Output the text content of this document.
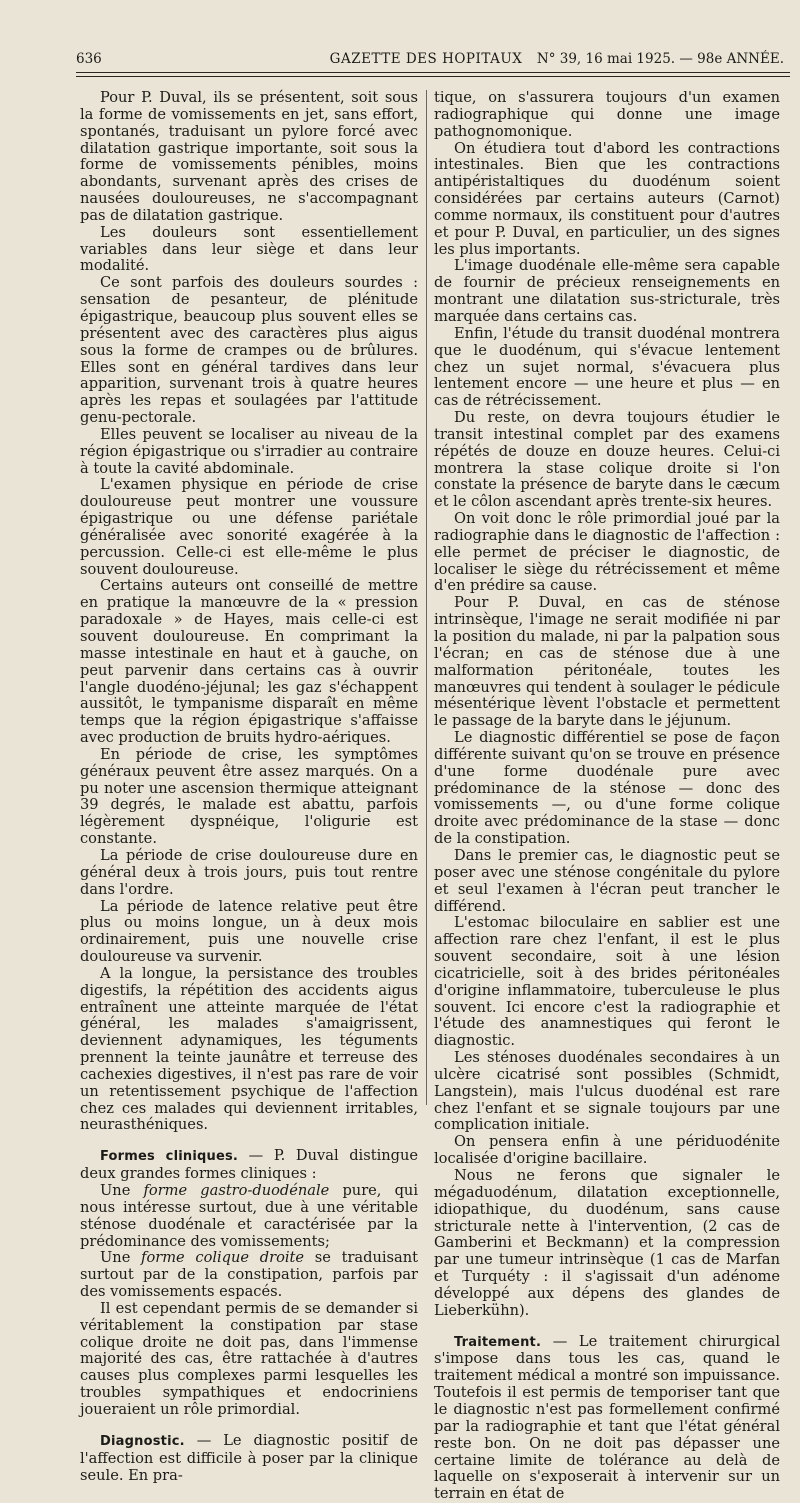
636	GAZETTE DES HOPITAUX	N° 39, 16 mai 1925. — 98e ANNÉE.

Pour P. Duval, ils se présentent, soit sous la forme de vomissements en jet, sans effort, spontanés, traduisant un pylore forcé avec dilatation gastrique importante, soit sous la forme de vomissements pénibles, moins abondants, survenant après des crises de nausées douloureuses, ne s'accompagnant pas de dilatation gastrique.

Les douleurs sont essentiellement variables dans leur siège et dans leur modalité.

Ce sont parfois des douleurs sourdes : sensation de pesanteur, de plénitude épigastrique, beaucoup plus souvent elles se présentent avec des caractères plus aigus sous la forme de crampes ou de brûlures. Elles sont en général tardives dans leur apparition, survenant trois à quatre heures après les repas et soulagées par l'attitude genu-pectorale.

Elles peuvent se localiser au niveau de la région épigastrique ou s'irradier au contraire à toute la cavité abdominale.

L'examen physique en période de crise douloureuse peut montrer une voussure épigastrique ou une défense pariétale généralisée avec sonorité exagérée à la percussion. Celle-ci est elle-même le plus souvent douloureuse.

Certains auteurs ont conseillé de mettre en pratique la manœuvre de la « pression paradoxale » de Hayes, mais celle-ci est souvent douloureuse. En comprimant la masse intestinale en haut et à gauche, on peut parvenir dans certains cas à ouvrir l'angle duodéno-jéjunal; les gaz s'échappent aussitôt, le tympanisme disparaît en même temps que la région épigastrique s'affaisse avec production de bruits hydro-aériques.

En période de crise, les symptômes généraux peuvent être assez marqués. On a pu noter une ascension thermique atteignant 39 degrés, le malade est abattu, parfois légèrement dyspnéique, l'oligurie est constante.

La période de crise douloureuse dure en général deux à trois jours, puis tout rentre dans l'ordre.

La période de latence relative peut être plus ou moins longue, un à deux mois ordinairement, puis une nouvelle crise douloureuse va survenir.

A la longue, la persistance des troubles digestifs, la répétition des accidents aigus entraînent une atteinte marquée de l'état général, les malades s'amaigrissent, deviennent adynamiques, les téguments prennent la teinte jaunâtre et terreuse des cachexies digestives, il n'est pas rare de voir un retentissement psychique de l'affection chez ces malades qui deviennent irritables, neurasthéniques.

Formes cliniques. — P. Duval distingue deux grandes formes cliniques :

Une forme gastro-duodénale pure, qui nous intéresse surtout, due à une véritable sténose duodénale et caractérisée par la prédominance des vomissements;

Une forme colique droite se traduisant surtout par de la constipation, parfois par des vomissements espacés.

Il est cependant permis de se demander si véritablement la constipation par stase colique droite ne doit pas, dans l'immense majorité des cas, être rattachée à d'autres causes plus complexes parmi lesquelles les troubles sympathiques et endocriniens joueraient un rôle primordial.

Diagnostic. — Le diagnostic positif de l'affection est difficile à poser par la clinique seule. En pra-

tique, on s'assurera toujours d'un examen radiographique qui donne une image pathognomonique.

On étudiera tout d'abord les contractions intestinales. Bien que les contractions antipéristaltiques du duodénum soient considérées par certains auteurs (Carnot) comme normaux, ils constituent pour d'autres et pour P. Duval, en particulier, un des signes les plus importants.

L'image duodénale elle-même sera capable de fournir de précieux renseignements en montrant une dilatation sus-stricturale, très marquée dans certains cas.

Enfin, l'étude du transit duodénal montrera que le duodénum, qui s'évacue lentement chez un sujet normal, s'évacuera plus lentement encore — une heure et plus — en cas de rétrécissement.

Du reste, on devra toujours étudier le transit intestinal complet par des examens répétés de douze en douze heures. Celui-ci montrera la stase colique droite si l'on constate la présence de baryte dans le cæcum et le côlon ascendant après trente-six heures.

On voit donc le rôle primordial joué par la radiographie dans le diagnostic de l'affection : elle permet de préciser le diagnostic, de localiser le siège du rétrécissement et même d'en prédire sa cause.

Pour P. Duval, en cas de sténose intrinsèque, l'image ne serait modifiée ni par la position du malade, ni par la palpation sous l'écran; en cas de sténose due à une malformation péritonéale, toutes les manœuvres qui tendent à soulager le pédicule mésentérique lèvent l'obstacle et permettent le passage de la baryte dans le jéjunum.

Le diagnostic différentiel se pose de façon différente suivant qu'on se trouve en présence d'une forme duodénale pure avec prédominance de la sténose — donc des vomissements —, ou d'une forme colique droite avec prédominance de la stase — donc de la constipation.

Dans le premier cas, le diagnostic peut se poser avec une sténose congénitale du pylore et seul l'examen à l'écran peut trancher le différend.

L'estomac biloculaire en sablier est une affection rare chez l'enfant, il est le plus souvent secondaire, soit à une lésion cicatricielle, soit à des brides péritonéales d'origine inflammatoire, tuberculeuse le plus souvent. Ici encore c'est la radiographie et l'étude des anamnestiques qui feront le diagnostic.

Les sténoses duodénales secondaires à un ulcère cicatrisé sont possibles (Schmidt, Langstein), mais l'ulcus duodénal est rare chez l'enfant et se signale toujours par une complication initiale.

On pensera enfin à une périduodénite localisée d'origine bacillaire.

Nous ne ferons que signaler le mégaduodénum, dilatation exceptionnelle, idiopathique, du duodénum, sans cause stricturale nette à l'intervention, (2 cas de Gamberini et Beckmann) et la compression par une tumeur intrinsèque (1 cas de Marfan et Turquéty : il s'agissait d'un adénome développé aux dépens des glandes de Lieberkühn).

Traitement. — Le traitement chirurgical s'impose dans tous les cas, quand le traitement médical a montré son impuissance. Toutefois il est permis de temporiser tant que le diagnostic n'est pas formellement confirmé par la radiographie et tant que l'état général reste bon. On ne doit pas dépasser une certaine limite de tolérance au delà de laquelle on s'exposerait à intervenir sur un terrain en état de
